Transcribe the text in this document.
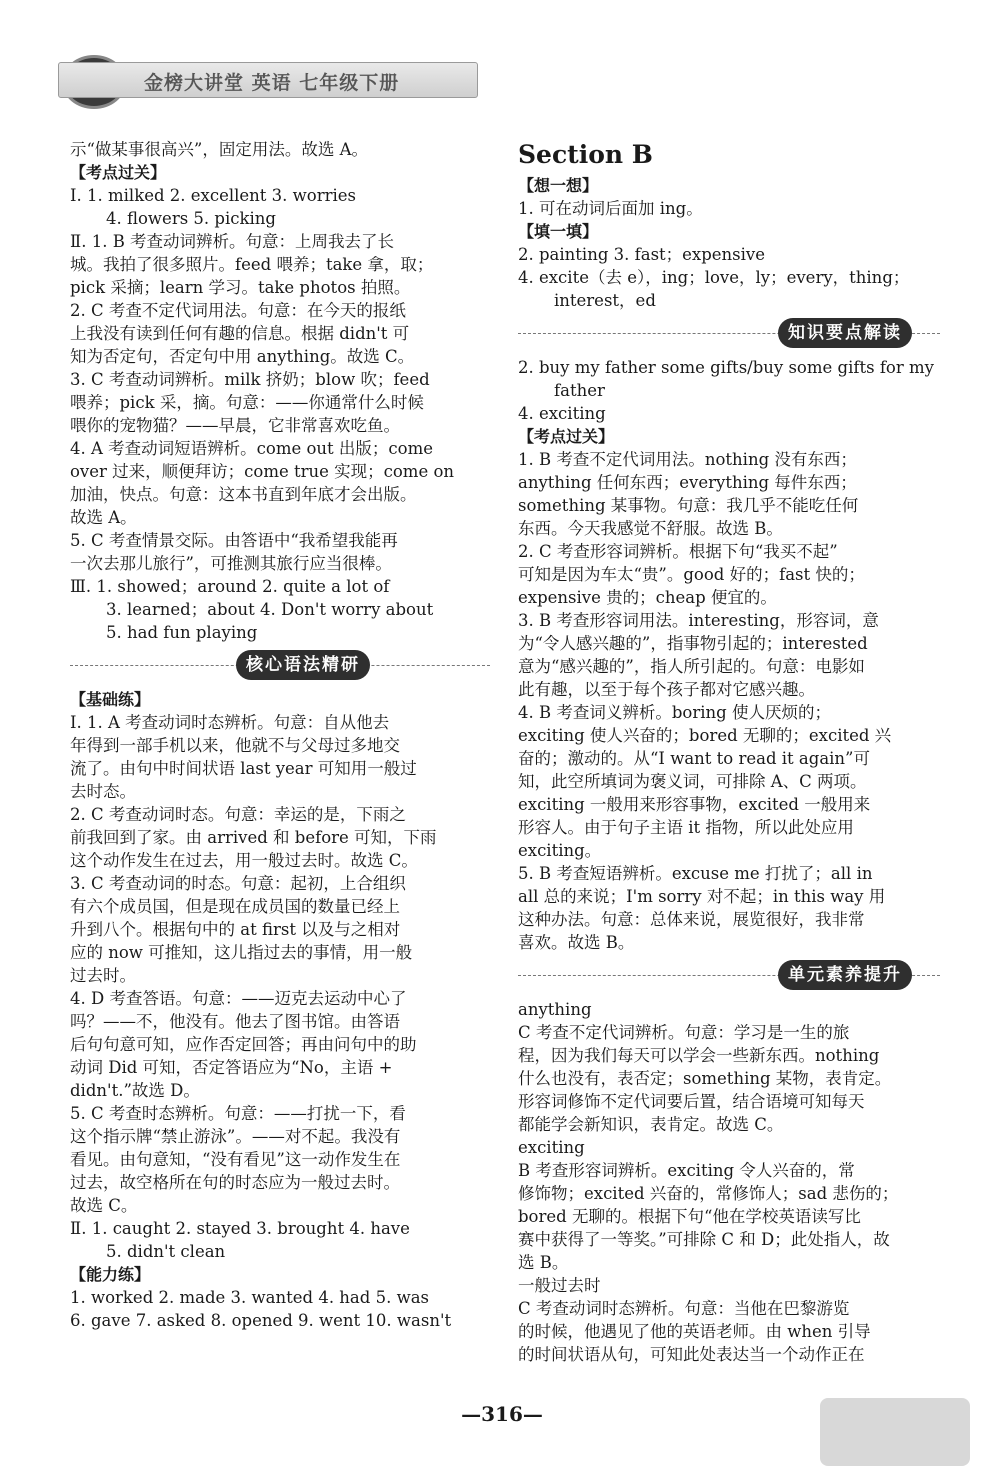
金榜大讲堂 英语 七年级下册
示“做某事很高兴”，固定用法。故选 A。
【考点过关】
Ⅰ. 1. milked 2. excellent 3. worries
4. flowers 5. picking
Ⅱ. 1. B 考查动词辨析。句意：上周我去了长
城。我拍了很多照片。feed 喂养；take 拿，取；
pick 采摘；learn 学习。take photos 拍照。
2. C 考查不定代词用法。句意：在今天的报纸
上我没有读到任何有趣的信息。根据 didn't 可
知为否定句，否定句中用 anything。故选 C。
3. C 考查动词辨析。milk 挤奶；blow 吹；feed
喂养；pick 采，摘。句意：——你通常什么时候
喂你的宠物猫？——早晨，它非常喜欢吃鱼。
4. A 考查动词短语辨析。come out 出版；come
over 过来，顺便拜访；come true 实现；come on
加油，快点。句意：这本书直到年底才会出版。
故选 A。
5. C 考查情景交际。由答语中“我希望我能再
一次去那儿旅行”，可推测其旅行应当很棒。
Ⅲ. 1. showed；around 2. quite a lot of
3. learned；about 4. Don't worry about
5. had fun playing
核心语法精研
【基础练】
Ⅰ. 1. A 考查动词时态辨析。句意：自从他去
年得到一部手机以来，他就不与父母过多地交
流了。由句中时间状语 last year 可知用一般过
去时态。
2. C 考查动词时态。句意：幸运的是，下雨之
前我回到了家。由 arrived 和 before 可知，下雨
这个动作发生在过去，用一般过去时。故选 C。
3. C 考查动词的时态。句意：起初，上合组织
有六个成员国，但是现在成员国的数量已经上
升到八个。根据句中的 at first 以及与之相对
应的 now 可推知，这儿指过去的事情，用一般
过去时。
4. D 考查答语。句意：——迈克去运动中心了
吗？——不，他没有。他去了图书馆。由答语
后句句意可知，应作否定回答；再由问句中的助
动词 Did 可知，否定答语应为“No，主语 +
didn't.”故选 D。
5. C 考查时态辨析。句意：——打扰一下，看
这个指示牌“禁止游泳”。——对不起。我没有
看见。由句意知，“没有看见”这一动作发生在
过去，故空格所在句的时态应为一般过去时。
故选 C。
Ⅱ. 1. caught 2. stayed 3. brought 4. have
5. didn't clean
【能力练】
1. worked 2. made 3. wanted 4. had 5. was
6. gave 7. asked 8. opened 9. went 10. wasn't
Section B
【想一想】
1. 可在动词后面加 ing。
【填一填】
2. painting 3. fast；expensive
4. excite（去 e），ing；love，ly；every，thing；
interest，ed
知识要点解读
2. buy my father some gifts/buy some gifts for my
father
4. exciting
【考点过关】
1. B 考查不定代词用法。nothing 没有东西；
anything 任何东西；everything 每件东西；
something 某事物。句意：我几乎不能吃任何
东西。今天我感觉不舒服。故选 B。
2. C 考查形容词辨析。根据下句“我买不起”
可知是因为车太“贵”。good 好的；fast 快的；
expensive 贵的；cheap 便宜的。
3. B 考查形容词用法。interesting，形容词，意
为“令人感兴趣的”，指事物引起的；interested
意为“感兴趣的”，指人所引起的。句意：电影如
此有趣，以至于每个孩子都对它感兴趣。
4. B 考查词义辨析。boring 使人厌烦的；
exciting 使人兴奋的；bored 无聊的；excited 兴
奋的；激动的。从“I want to read it again”可
知，此空所填词为褒义词，可排除 A、C 两项。
exciting 一般用来形容事物，excited 一般用来
形容人。由于句子主语 it 指物，所以此处应用
exciting。
5. B 考查短语辨析。excuse me 打扰了；all in
all 总的来说；I'm sorry 对不起；in this way 用
这种办法。句意：总体来说，展览很好，我非常
喜欢。故选 B。
单元素养提升
anything
C 考查不定代词辨析。句意：学习是一生的旅
程，因为我们每天可以学会一些新东西。nothing
什么也没有，表否定；something 某物，表肯定。
形容词修饰不定代词要后置，结合语境可知每天
都能学会新知识，表肯定。故选 C。
exciting
B 考查形容词辨析。exciting 令人兴奋的，常
修饰物；excited 兴奋的，常修饰人；sad 悲伤的；
bored 无聊的。根据下句“他在学校英语读写比
赛中获得了一等奖。”可排除 C 和 D；此处指人，故
选 B。
一般过去时
C 考查动词时态辨析。句意：当他在巴黎游览
的时候，他遇见了他的英语老师。由 when 引导
的时间状语从句，可知此处表达当一个动作正在
—316—
